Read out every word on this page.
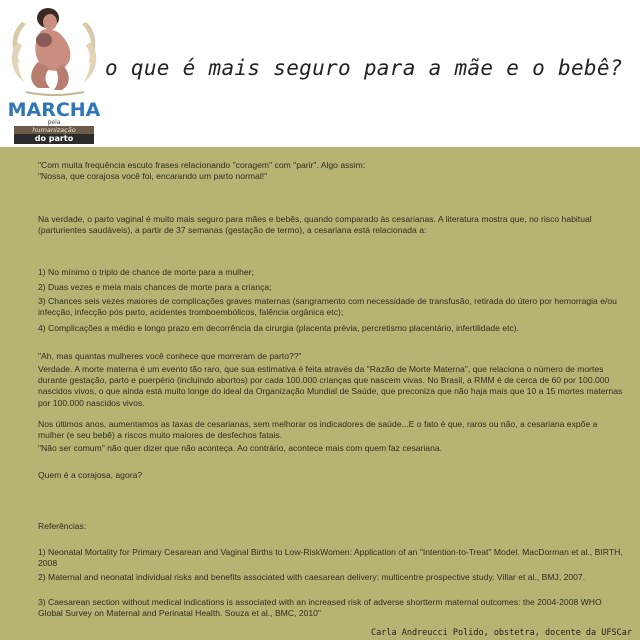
MARCHA
pela
humanização
do parto
o que é mais seguro para a mãe e o bebê?

"Com muita frequência escuto frases relacionando "coragem" com "parir". Algo assim:

"Nossa, que corajosa você foi, encarando um parto normal!"

Na verdade, o parto vaginal é muito mais seguro para mães e bebês, quando comparado às cesarianas. A literatura mostra que, no risco habitual (parturientes saudáveis), a partir de 37 semanas (gestação de termo), a cesariana está relacionada a:

1) No mínimo o triplo de chance de morte para a mulher;

2) Duas vezes e meia mais chances de morte para a criança;

3) Chances seis vezes maiores de complicações graves maternas (sangramento com necessidade de transfusão, retirada do útero por hemorragia e/ou infecção, infecção pós parto, acidentes tromboembólicos, falência orgânica etc);

4) Complicações a médio e longo prazo em decorrência da cirurgia (placenta prévia, percretismo placentário, infertilidade etc).

"Ah, mas quantas mulheres você conhece que morreram de parto??"

Verdade. A morte materna é um evento tão raro, que sua estimativa é feita através da "Razão de Morte Materna", que relaciona o número de mortes durante gestação, parto e puerpério (incluindo abortos) por cada 100.000 crianças que nascem vivas. No Brasil, a RMM é de cerca de 60 por 100.000 nascidos vivos, o que ainda está muito longe do ideal da Organização Mundial de Saúde, que preconiza que não haja mais que 10 a 15 mortes maternas por 100.000 nascidos vivos.

Nos últimos anos, aumentamos as taxas de cesarianas, sem melhorar os indicadores de saúde...E o fato é que, raros ou não, a cesariana expõe a mulher (e seu bebê) a riscos muito maiores de desfechos fatais.

"Não ser comum" não quer dizer que não aconteça. Ao contrário, acontece mais com quem faz cesariana.

Quem é a corajosa, agora?

Referências:

1) Neonatal Mortality for Primary Cesarean and Vaginal Births to Low-RiskWomen: Application of an "Intention-to-Treat" Model. MacDorman et al., BIRTH, 2008

2) Maternal and neonatal individual risks and benefits associated with caesarean delivery: multicentre prospective study. Villar et al., BMJ, 2007.

3) Caesarean section without medical indications is associated with an increased risk of adverse shortterm maternal outcomes: the 2004-2008 WHO Global Survey on Maternal and Perinatal Health. Souza et al., BMC, 2010"

Carla Andreucci Polido, obstetra, docente da UFSCar
